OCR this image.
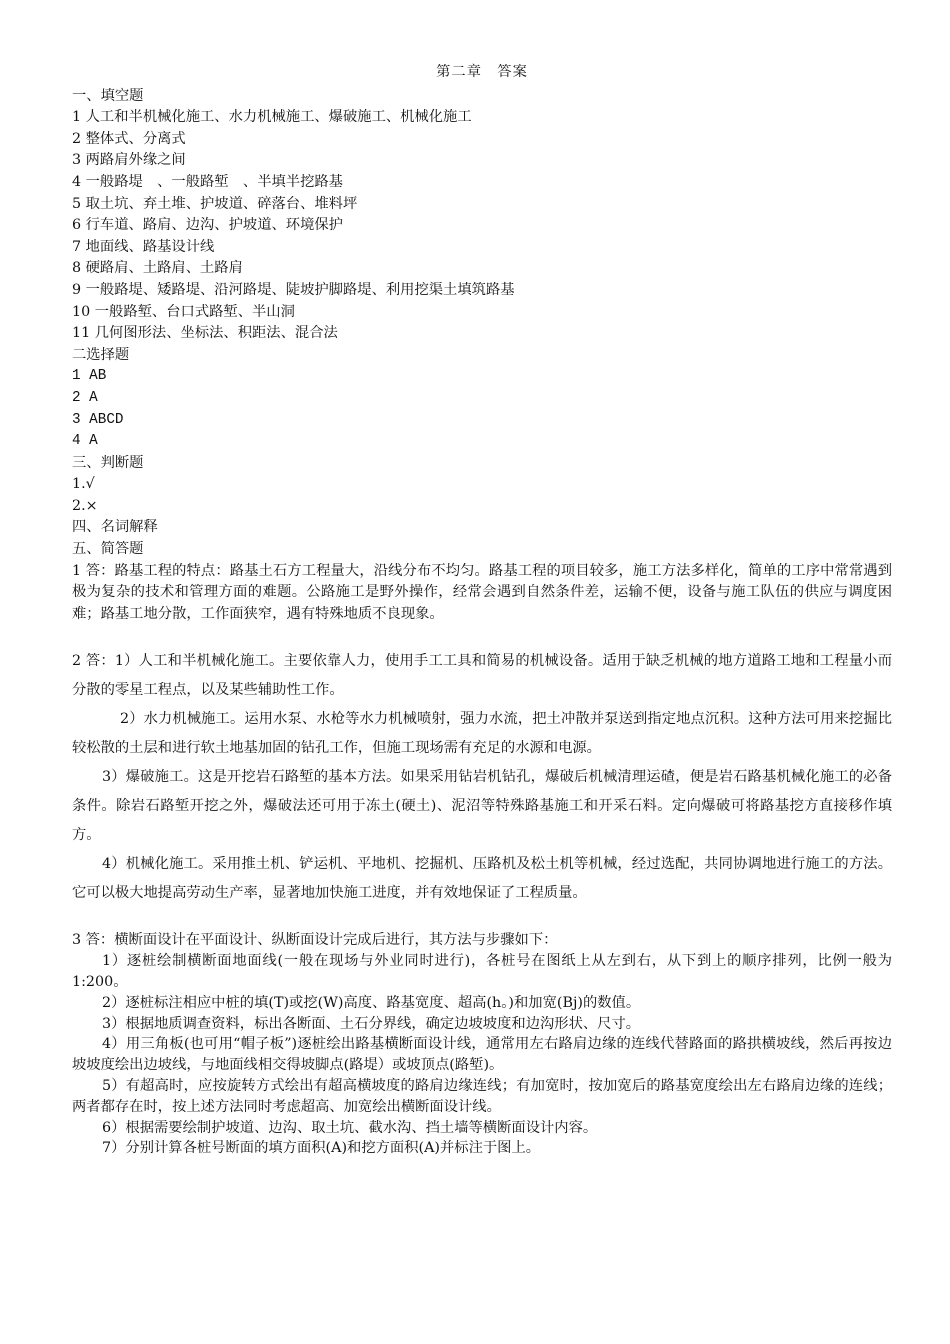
第二章　答案
一、填空题
1 人工和半机械化施工、水力机械施工、爆破施工、机械化施工
2 整体式、分离式
3 两路肩外缘之间
4 一般路堤　、一般路堑　、半填半挖路基
5 取土坑、弃土堆、护坡道、碎落台、堆料坪
6 行车道、路肩、边沟、护坡道、环境保护
7 地面线、路基设计线
8 硬路肩、土路肩、土路肩
9 一般路堤、矮路堤、沿河路堤、陡坡护脚路堤、利用挖渠土填筑路基
10 一般路堑、台口式路堑、半山洞
11 几何图形法、坐标法、积距法、混合法
二选择题
1 AB
2 A
3 ABCD
4 A
三、判断题
1.√
2.×
四、名词解释
五、简答题
1 答：路基工程的特点：路基土石方工程量大，沿线分布不均匀。路基工程的项目较多，施工方法多样化，简单的工序中常常遇到极为复杂的技术和管理方面的难题。公路施工是野外操作，经常会遇到自然条件差，运输不便，设备与施工队伍的供应与调度困难；路基工地分散，工作面狭窄，遇有特殊地质不良现象。

2 答：1）人工和半机械化施工。主要依靠人力，使用手工工具和简易的机械设备。适用于缺乏机械的地方道路工地和工程量小而分散的零星工程点，以及某些辅助性工作。

2）水力机械施工。运用水泵、水枪等水力机械喷射，强力水流，把土冲散并泵送到指定地点沉积。这种方法可用来挖掘比较松散的土层和进行软土地基加固的钻孔工作，但施工现场需有充足的水源和电源。

3）爆破施工。这是开挖岩石路堑的基本方法。如果采用钻岩机钻孔，爆破后机械清理运碴，便是岩石路基机械化施工的必备条件。除岩石路堑开挖之外，爆破法还可用于冻土(硬土)、泥沼等特殊路基施工和开采石料。定向爆破可将路基挖方直接移作填方。

4）机械化施工。采用推土机、铲运机、平地机、挖掘机、压路机及松土机等机械，经过选配，共同协调地进行施工的方法。它可以极大地提高劳动生产率，显著地加快施工进度，并有效地保证了工程质量。

3 答：横断面设计在平面设计、纵断面设计完成后进行，其方法与步骤如下：
1）逐桩绘制横断面地面线(一般在现场与外业同时进行)，各桩号在图纸上从左到右，从下到上的顺序排列，比例一般为 1:200。
2）逐桩标注相应中桩的填(T)或挖(W)高度、路基宽度、超高(h。)和加宽(Bj)的数值。
3）根据地质调查资料，标出各断面、土石分界线，确定边坡坡度和边沟形状、尺寸。
4）用三角板(也可用“帽子板”)逐桩绘出路基横断面设计线，通常用左右路肩边缘的连线代替路面的路拱横坡线，然后再按边坡坡度绘出边坡线，与地面线相交得坡脚点(路堤）或坡顶点(路堑)。
5）有超高时，应按旋转方式绘出有超高横坡度的路肩边缘连线；有加宽时，按加宽后的路基宽度绘出左右路肩边缘的连线；两者都存在时，按上述方法同时考虑超高、加宽绘出横断面设计线。
6）根据需要绘制护坡道、边沟、取土坑、截水沟、挡土墙等横断面设计内容。
7）分别计算各桩号断面的填方面积(A)和挖方面积(A)并标注于图上。
